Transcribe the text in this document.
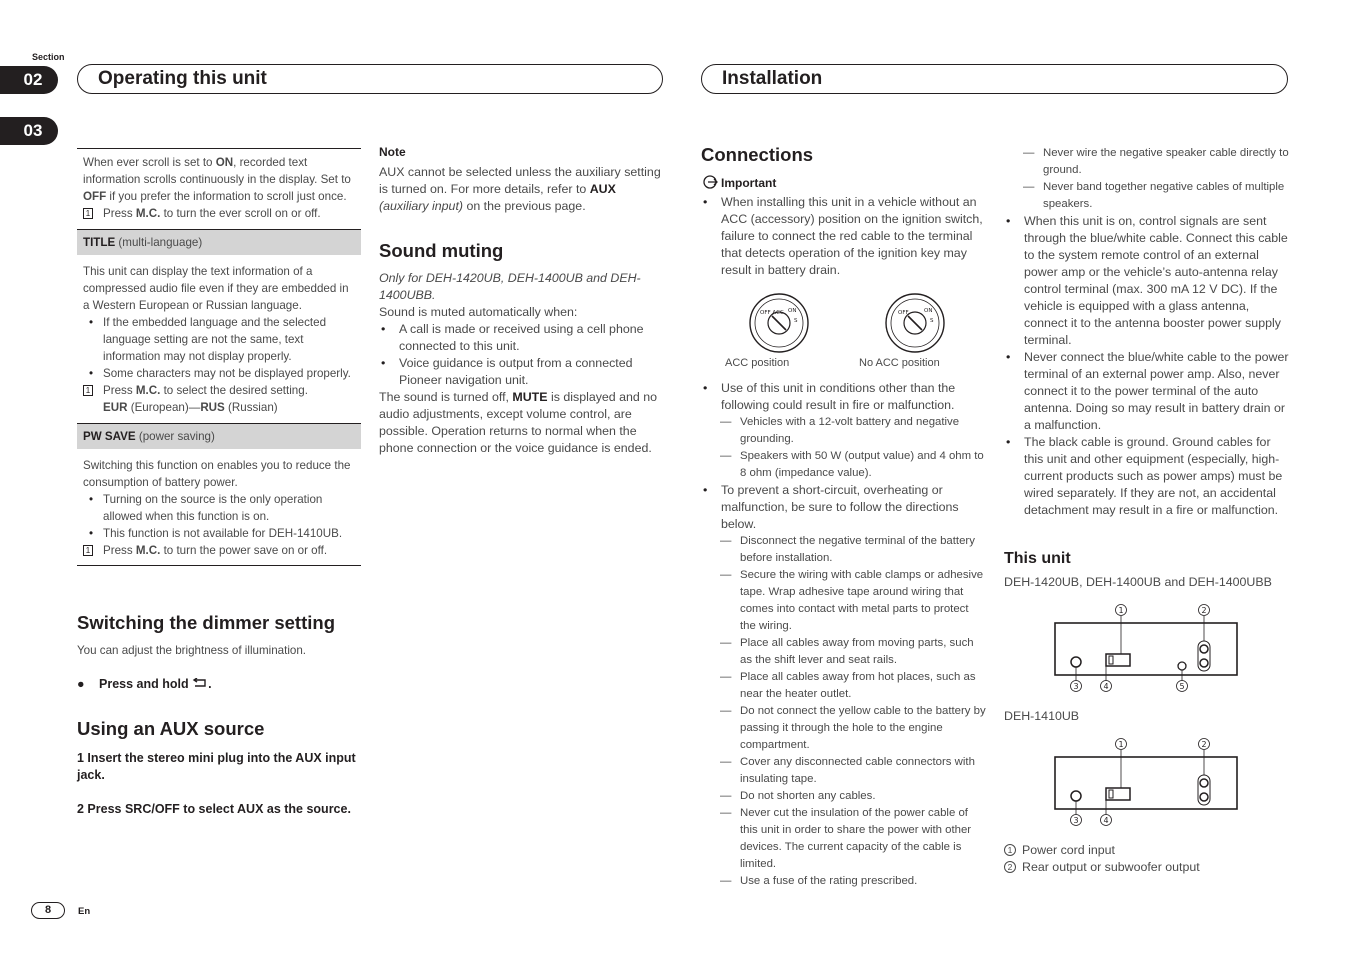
Section
02
03
Operating this unit	Installation
When ever scroll is set to ON, recorded text information scrolls continuously in the display. Set to OFF if you prefer the information to scroll just once.
1 Press M.C. to turn the ever scroll on or off.
TITLE (multi-language)
This unit can display the text information of a compressed audio file even if they are embedded in a Western European or Russian language.
• If the embedded language and the selected language setting are not the same, text information may not display properly.
• Some characters may not be displayed properly.
1 Press M.C. to select the desired setting.
EUR (European)—RUS (Russian)
PW SAVE (power saving)
Switching this function on enables you to reduce the consumption of battery power.
• Turning on the source is the only operation allowed when this function is on.
• This function is not available for DEH-1410UB.
1 Press M.C. to turn the power save on or off.
Switching the dimmer setting
You can adjust the brightness of illumination.
● Press and hold .
Using an AUX source
1 Insert the stereo mini plug into the AUX input jack.
2 Press SRC/OFF to select AUX as the source.
Note
AUX cannot be selected unless the auxiliary setting is turned on. For more details, refer to AUX (auxiliary input) on the previous page.
Sound muting
Only for DEH-1420UB, DEH-1400UB and DEH-1400UBB.
Sound is muted automatically when:
• A call is made or received using a cell phone connected to this unit.
• Voice guidance is output from a connected Pioneer navigation unit.
The sound is turned off, MUTE is displayed and no audio adjustments, except volume control, are possible. Operation returns to normal when the phone connection or the voice guidance is ended.
Connections
Important
• When installing this unit in a vehicle without an ACC (accessory) position on the ignition switch, failure to connect the red cable to the terminal that detects operation of the ignition key may result in battery drain.
OFF ACC ON
S
OFF	ON
S
ACC position	No ACC position
• Use of this unit in conditions other than the following could result in fire or malfunction.
— Vehicles with a 12-volt battery and negative grounding.
— Speakers with 50 W (output value) and 4 ohm to 8 ohm (impedance value).
• To prevent a short-circuit, overheating or malfunction, be sure to follow the directions below.
— Disconnect the negative terminal of the battery before installation.
— Secure the wiring with cable clamps or adhesive tape. Wrap adhesive tape around wiring that comes into contact with metal parts to protect the wiring.
— Place all cables away from moving parts, such as the shift lever and seat rails.
— Place all cables away from hot places, such as near the heater outlet.
— Do not connect the yellow cable to the battery by passing it through the hole to the engine compartment.
— Cover any disconnected cable connectors with insulating tape.
— Do not shorten any cables.
— Never cut the insulation of the power cable of this unit in order to share the power with other devices. The current capacity of the cable is limited.
— Use a fuse of the rating prescribed.
— Never wire the negative speaker cable directly to ground.
— Never band together negative cables of multiple speakers.
• When this unit is on, control signals are sent through the blue/white cable. Connect this cable to the system remote control of an external power amp or the vehicle’s auto-antenna relay control terminal (max. 300 mA 12 V DC). If the vehicle is equipped with a glass antenna, connect it to the antenna booster power supply terminal.
• Never connect the blue/white cable to the power terminal of an external power amp. Also, never connect it to the power terminal of the auto antenna. Doing so may result in battery drain or a malfunction.
• The black cable is ground. Ground cables for this unit and other equipment (especially, high-current products such as power amps) must be wired separately. If they are not, an accidental detachment may result in a fire or malfunction.
This unit
DEH-1420UB, DEH-1400UB and DEH-1400UBB
1	2
3	4	5
DEH-1410UB
1	2
3	4
1 Power cord input
2 Rear output or subwoofer output
8	En
